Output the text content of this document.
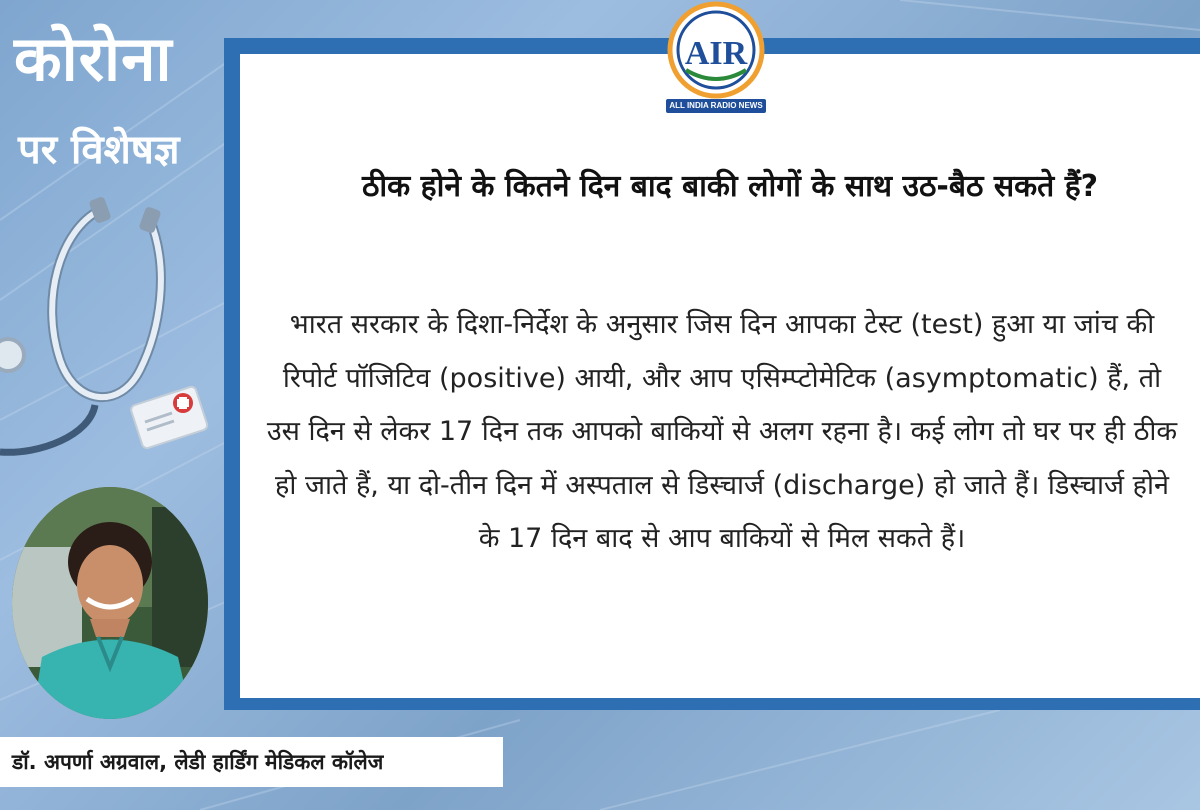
कोरोना
पर विशेषज्ञ
डॉ. अपर्णा अग्रवाल, लेडी हार्डिंग मेडिकल कॉलेज
AIR
ALL INDIA RADIO NEWS
ठीक होने के कितने दिन बाद बाकी लोगों के साथ उठ-बैठ सकते हैं?
भारत सरकार के दिशा-निर्देश के अनुसार जिस दिन आपका टेस्ट (test) हुआ या जांच की रिपोर्ट पॉजिटिव (positive) आयी, और आप एसिम्प्टोमेटिक (asymptomatic) हैं, तो उस दिन से लेकर 17 दिन तक आपको बाकियों से अलग रहना है। कई लोग तो घर पर ही ठीक हो जाते हैं, या दो-तीन दिन में अस्पताल से डिस्चार्ज (discharge) हो जाते हैं। डिस्चार्ज होने के 17 दिन बाद से आप बाकियों से मिल सकते हैं।
